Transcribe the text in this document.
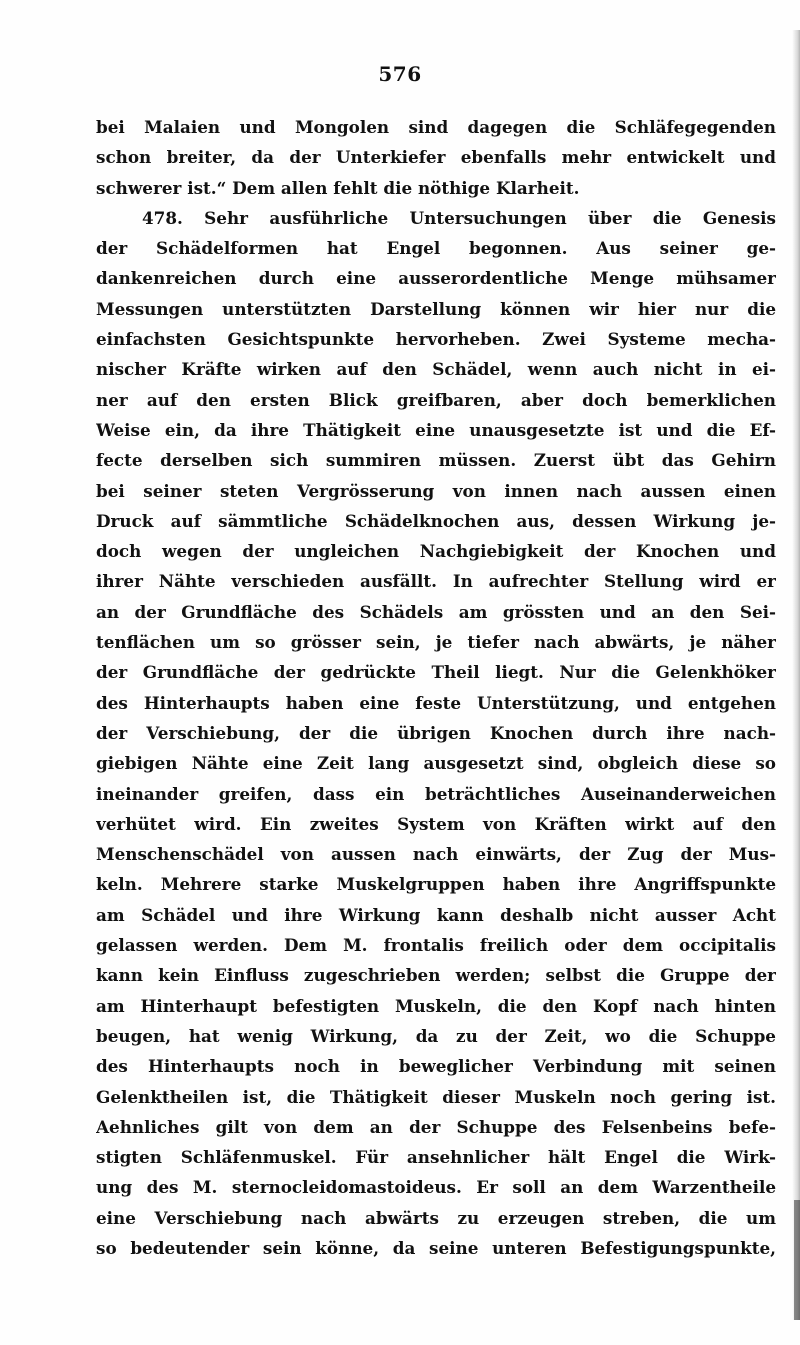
576
bei Malaien und Mongolen sind dagegen die Schläfegegenden
schon breiter, da der Unterkiefer ebenfalls mehr entwickelt und
schwerer ist.“ Dem allen fehlt die nöthige Klarheit.
478. Sehr ausführliche Untersuchungen über die Genesis
der Schädelformen hat Engel begonnen. Aus seiner ge-
dankenreichen durch eine ausserordentliche Menge mühsamer
Messungen unterstützten Darstellung können wir hier nur die
einfachsten Gesichtspunkte hervorheben. Zwei Systeme mecha-
nischer Kräfte wirken auf den Schädel, wenn auch nicht in ei-
ner auf den ersten Blick greifbaren, aber doch bemerklichen
Weise ein, da ihre Thätigkeit eine unausgesetzte ist und die Ef-
fecte derselben sich summiren müssen. Zuerst übt das Gehirn
bei seiner steten Vergrösserung von innen nach aussen einen
Druck auf sämmtliche Schädelknochen aus, dessen Wirkung je-
doch wegen der ungleichen Nachgiebigkeit der Knochen und
ihrer Nähte verschieden ausfällt. In aufrechter Stellung wird er
an der Grundfläche des Schädels am grössten und an den Sei-
tenflächen um so grösser sein, je tiefer nach abwärts, je näher
der Grundfläche der gedrückte Theil liegt. Nur die Gelenkhöker
des Hinterhaupts haben eine feste Unterstützung, und entgehen
der Verschiebung, der die übrigen Knochen durch ihre nach-
giebigen Nähte eine Zeit lang ausgesetzt sind, obgleich diese so
ineinander greifen, dass ein beträchtliches Auseinanderweichen
verhütet wird. Ein zweites System von Kräften wirkt auf den
Menschenschädel von aussen nach einwärts, der Zug der Mus-
keln. Mehrere starke Muskelgruppen haben ihre Angriffspunkte
am Schädel und ihre Wirkung kann deshalb nicht ausser Acht
gelassen werden. Dem M. frontalis freilich oder dem occipitalis
kann kein Einfluss zugeschrieben werden; selbst die Gruppe der
am Hinterhaupt befestigten Muskeln, die den Kopf nach hinten
beugen, hat wenig Wirkung, da zu der Zeit, wo die Schuppe
des Hinterhaupts noch in beweglicher Verbindung mit seinen
Gelenktheilen ist, die Thätigkeit dieser Muskeln noch gering ist.
Aehnliches gilt von dem an der Schuppe des Felsenbeins befe-
stigten Schläfenmuskel. Für ansehnlicher hält Engel die Wirk-
ung des M. sternocleidomastoideus. Er soll an dem Warzentheile
eine Verschiebung nach abwärts zu erzeugen streben, die um
so bedeutender sein könne, da seine unteren Befestigungspunkte,
